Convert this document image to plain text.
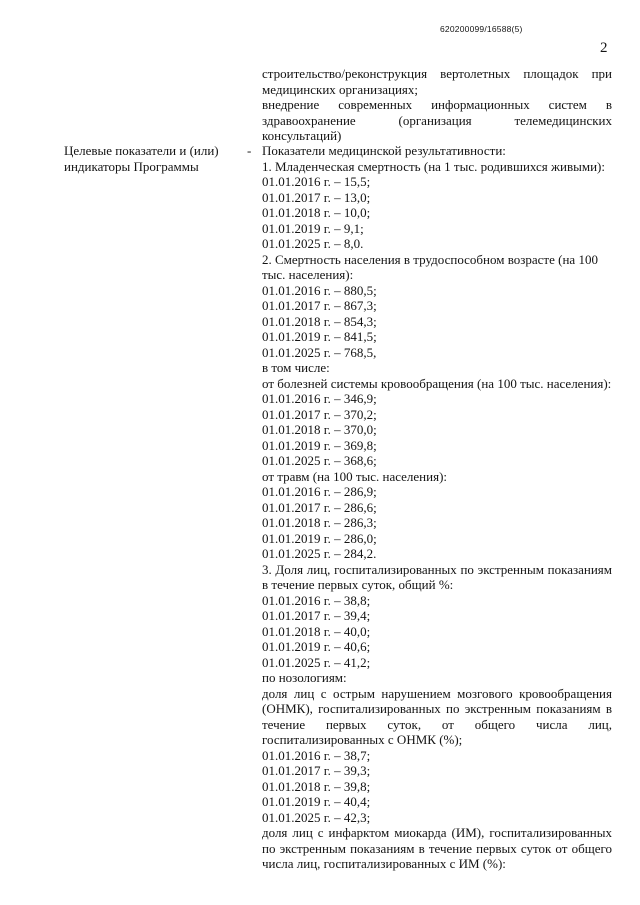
620200099/16588(5)
2

строительство/реконструкция вертолетных площадок при медицинских организациях;

внедрение современных информационных систем в здравоохранение (организация телемедицинских консультаций)

Целевые показатели и (или)
индикаторы Программы
- Показатели медицинской результативности:
1. Младенческая смертность (на 1 тыс. родившихся живыми):
01.01.2016 г. – 15,5;
01.01.2017 г. – 13,0;
01.01.2018 г. – 10,0;
01.01.2019 г. – 9,1;
01.01.2025 г. – 8,0.
2. Смертность населения в трудоспособном возрасте (на 100
тыс. населения):
01.01.2016 г. – 880,5;
01.01.2017 г. – 867,3;
01.01.2018 г. – 854,3;
01.01.2019 г. – 841,5;
01.01.2025 г. – 768,5,
в том числе:
от болезней системы кровообращения (на 100 тыс. населения):
01.01.2016 г. – 346,9;
01.01.2017 г. – 370,2;
01.01.2018 г. – 370,0;
01.01.2019 г. – 369,8;
01.01.2025 г. – 368,6;
от травм (на 100 тыс. населения):
01.01.2016 г. – 286,9;
01.01.2017 г. – 286,6;
01.01.2018 г. – 286,3;
01.01.2019 г. – 286,0;
01.01.2025 г. – 284,2.
3. Доля лиц, госпитализированных по экстренным показаниям в течение первых суток, общий %:
01.01.2016 г. – 38,8;
01.01.2017 г. – 39,4;
01.01.2018 г. – 40,0;
01.01.2019 г. – 40,6;
01.01.2025 г. – 41,2;
по нозологиям:
доля лиц с острым нарушением мозгового кровообращения (ОНМК), госпитализированных по экстренным показаниям в течение первых суток, от общего числа лиц, госпитализированных с ОНМК (%);
01.01.2016 г. – 38,7;
01.01.2017 г. – 39,3;
01.01.2018 г. – 39,8;
01.01.2019 г. – 40,4;
01.01.2025 г. – 42,3;
доля лиц с инфарктом миокарда (ИМ), госпитализированных по экстренным показаниям в течение первых суток от общего числа лиц, госпитализированных с ИМ (%):
